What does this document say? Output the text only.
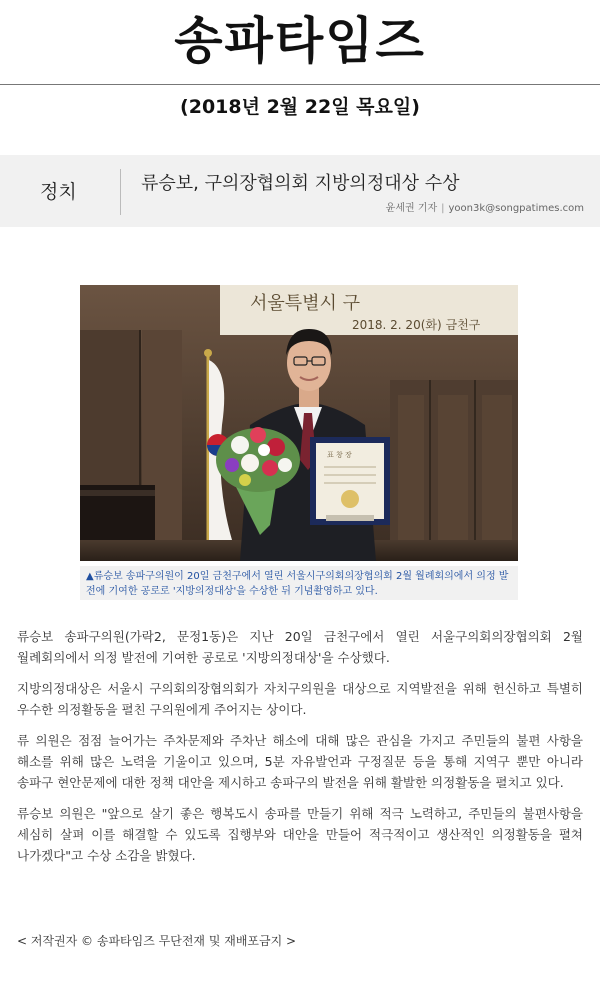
송파타임즈
(2018년 2월 22일 목요일)
정치	류승보, 구의장협의회 지방의정대상 수상
윤세권 기자 | yoon3k@songpatimes.com
서울특별시 구
2018. 2. 20(화) 금천구
표 창 장
▲류승보 송파구의원이 20일 금천구에서 열린 서울시구의회의장협의회 2월 월례회의에서 의정 발전에 기여한 공로로 '지방의정대상'을 수상한 뒤 기념촬영하고 있다.

류승보 송파구의원(가락2, 문정1동)은 지난 20일 금천구에서 열린 서울구의회의장협의회 2월 월례회의에서 의정 발전에 기여한 공로로 '지방의정대상'을 수상했다.

지방의정대상은 서울시 구의회의장협의회가 자치구의원을 대상으로 지역발전을 위해 헌신하고 특별히 우수한 의정활동을 펼친 구의원에게 주어지는 상이다.

류 의원은 점점 늘어가는 주차문제와 주차난 해소에 대해 많은 관심을 가지고 주민들의 불편 사항을 해소를 위해 많은 노력을 기울이고 있으며, 5분 자유발언과 구정질문 등을 통해 지역구 뿐만 아니라 송파구 현안문제에 대한 정책 대안을 제시하고 송파구의 발전을 위해 활발한 의정활동을 펼치고 있다.

류승보 의원은 "앞으로 살기 좋은 행복도시 송파를 만들기 위해 적극 노력하고, 주민들의 불편사항을 세심히 살펴 이를 해결할 수 있도록 집행부와 대안을 만들어 적극적이고 생산적인 의정활동을 펼쳐 나가겠다"고 수상 소감을 밝혔다.

< 저작권자 © 송파타임즈 무단전재 및 재배포금지 >
